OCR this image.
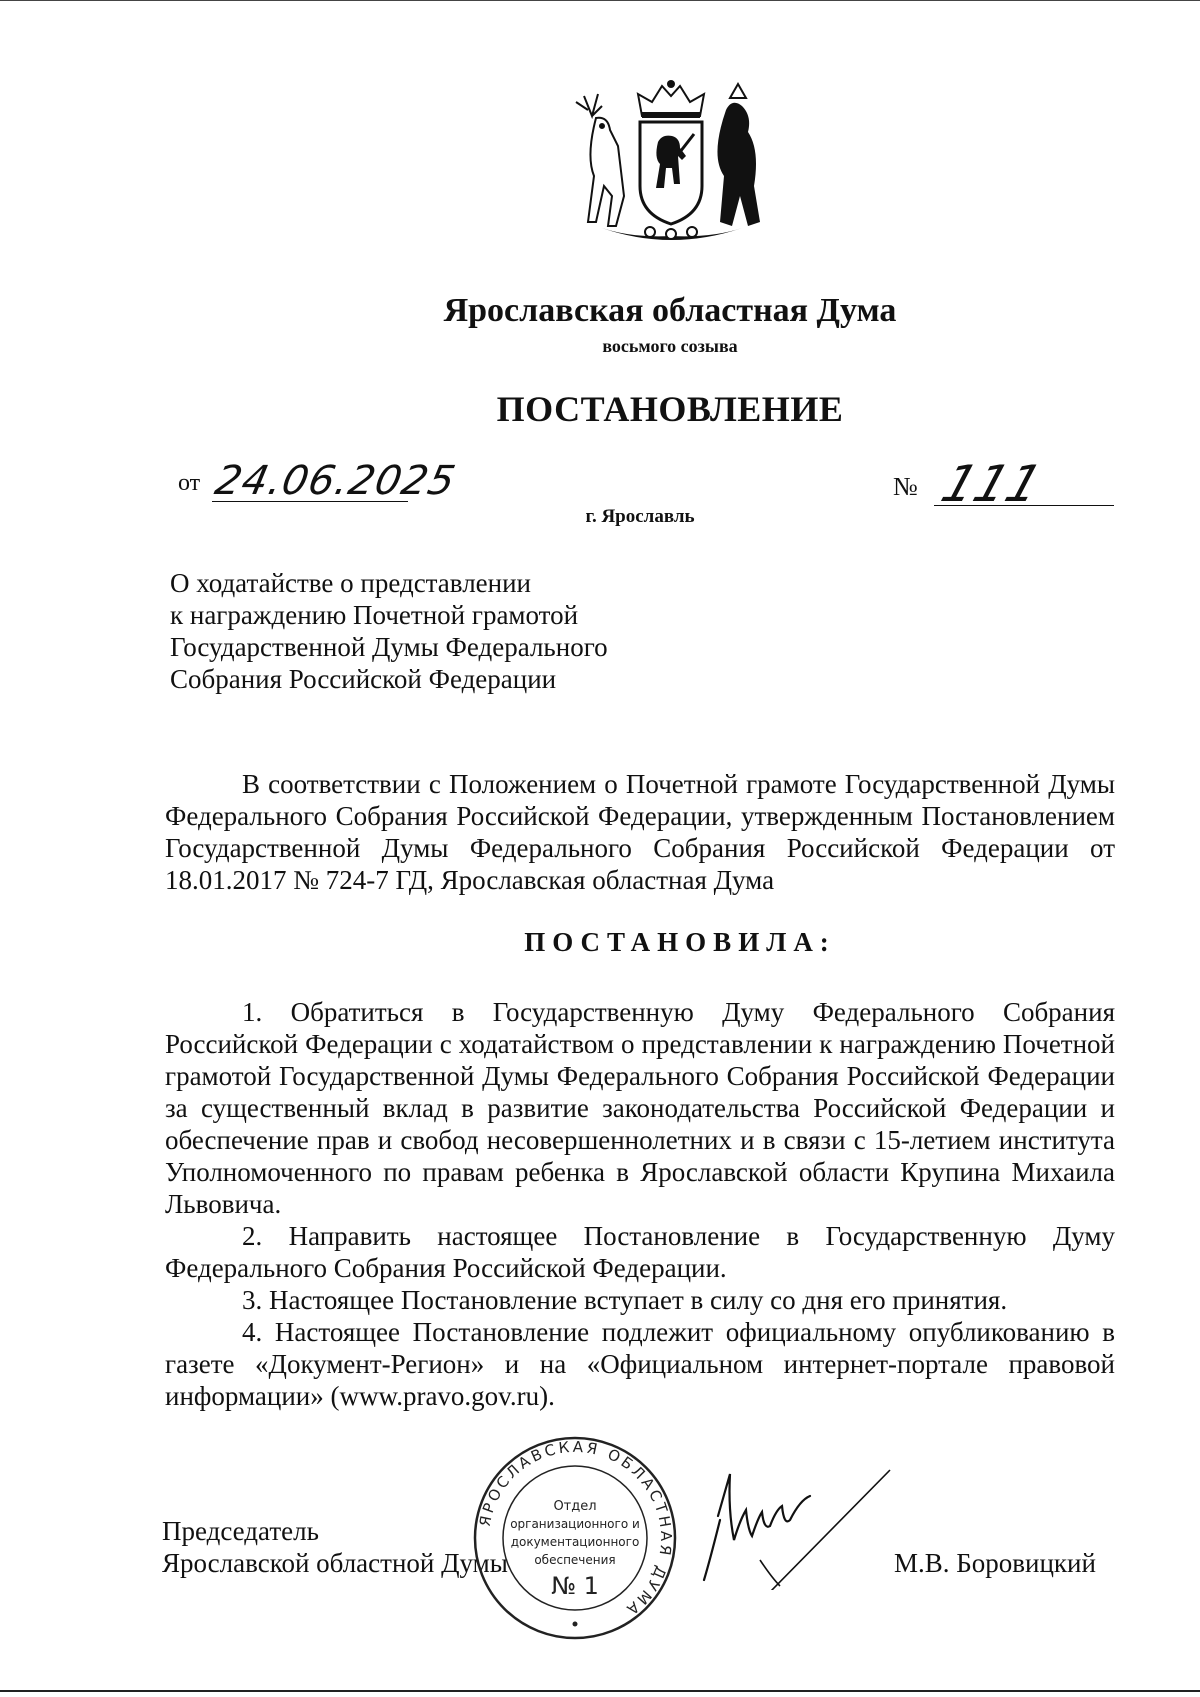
Ярославская областная Дума
восьмого созыва
ПОСТАНОВЛЕНИЕ
от 24.06.2025	№ 111
г. Ярославль
О ходатайстве о представлении
к награждению Почетной грамотой
Государственной Думы Федерального
Собрания Российской Федерации
В соответствии с Положением о Почетной грамоте Государственной Думы Федерального Собрания Российской Федерации, утвержденным Постановлением Государственной Думы Федерального Собрания Российской Федерации от 18.01.2017 № 724-7 ГД, Ярославская областная Дума
ПОСТАНОВИЛА:

1. Обратиться в Государственную Думу Федерального Собрания Российской Федерации с ходатайством о представлении к награждению Почетной грамотой Государственной Думы Федерального Собрания Российской Федерации за существенный вклад в развитие законодательства Российской Федерации и обеспечение прав и свобод несовершеннолетних и в связи с 15-летием института Уполномоченного по правам ребенка в Ярославской области Крупина Михаила Львовича.

2. Направить настоящее Постановление в Государственную Думу Федерального Собрания Российской Федерации.

3. Настоящее Постановление вступает в силу со дня его принятия.

4. Настоящее Постановление подлежит официальному опубликованию в газете «Документ-Регион» и на «Официальном интернет-портале правовой информации» (www.pravo.gov.ru).

Председатель
Ярославской областной Думы
ЯРОСЛАВСКАЯ ОБЛАСТНАЯ ДУМА
Отдел
организационного и
документационного
обеспечения
№ 1
М.В. Боровицкий
